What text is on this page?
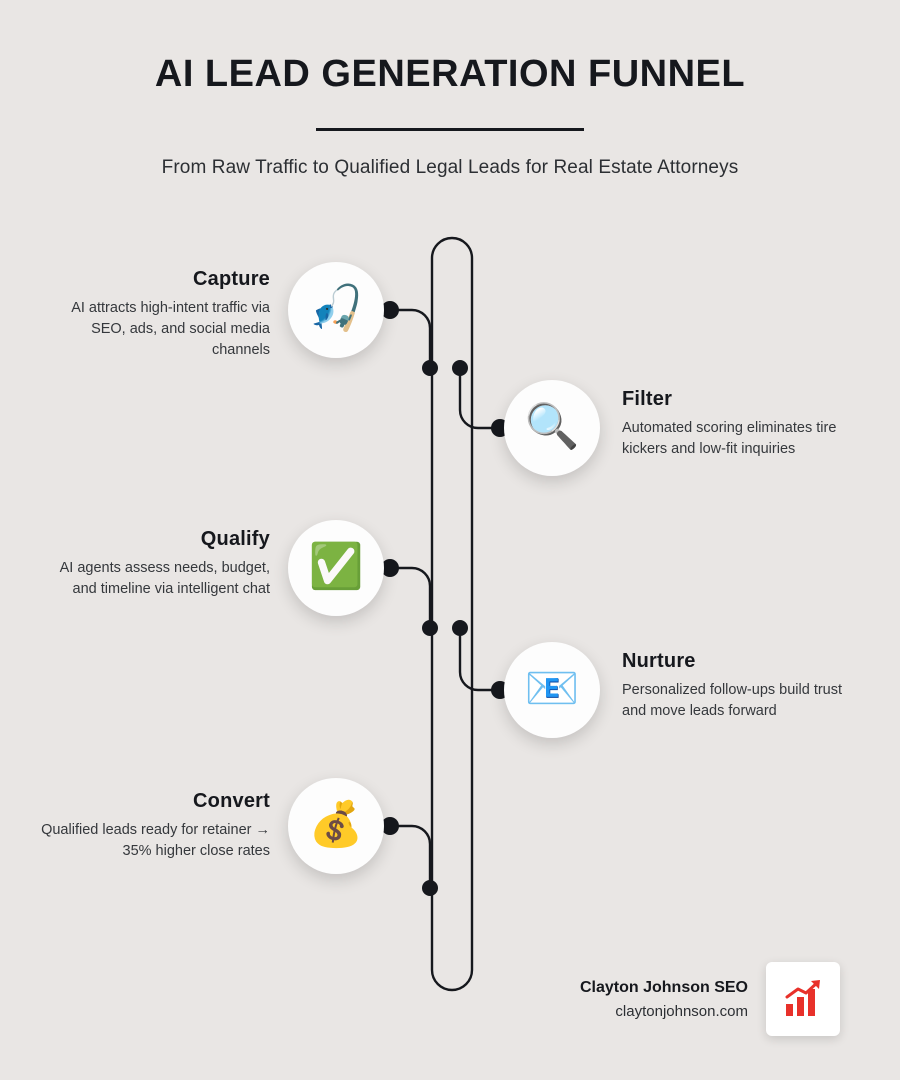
AI LEAD GENERATION FUNNEL

From Raw Traffic to Qualified Legal Leads for Real Estate Attorneys

🎣

Capture

AI attracts high-intent traffic via SEO, ads, and social media channels

🔍

Filter

Automated scoring eliminates tire kickers and low-fit inquiries

✅

Qualify

AI agents assess needs, budget, and timeline via intelligent chat

📧

Nurture

Personalized follow-ups build trust and move leads forward

💰

Convert

Qualified leads ready for retainer → 35% higher close rates

Clayton Johnson SEO

claytonjohnson.com
